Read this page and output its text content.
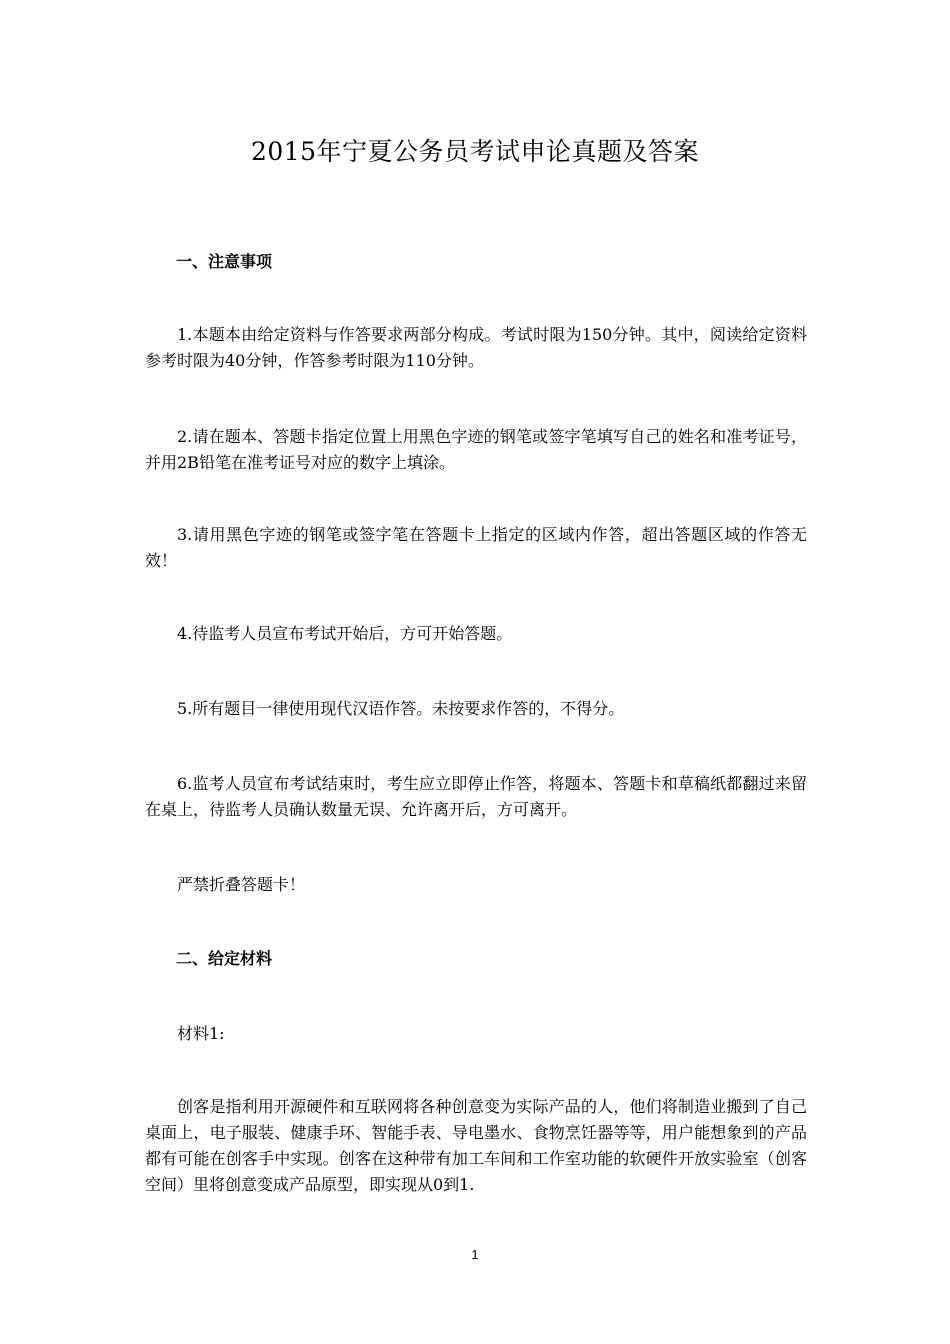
2015年宁夏公务员考试申论真题及答案
一、注意事项
1.本题本由给定资料与作答要求两部分构成。考试时限为150分钟。其中，阅读给定资料参考时限为40分钟，作答参考时限为110分钟。
2.请在题本、答题卡指定位置上用黑色字迹的钢笔或签字笔填写自己的姓名和准考证号，并用2B铅笔在准考证号对应的数字上填涂。
3.请用黑色字迹的钢笔或签字笔在答题卡上指定的区域内作答，超出答题区域的作答无效！
4.待监考人员宣布考试开始后，方可开始答题。
5.所有题目一律使用现代汉语作答。未按要求作答的，不得分。
6.监考人员宣布考试结束时，考生应立即停止作答，将题本、答题卡和草稿纸都翻过来留在桌上，待监考人员确认数量无误、允许离开后，方可离开。
严禁折叠答题卡！
二、给定材料
材料1:
创客是指利用开源硬件和互联网将各种创意变为实际产品的人，他们将制造业搬到了自己桌面上，电子服装、健康手环、智能手表、导电墨水、食物烹饪器等等，用户能想象到的产品都有可能在创客手中实现。创客在这种带有加工车间和工作室功能的软硬件开放实验室（创客空间）里将创意变成产品原型，即实现从0到1.
1
